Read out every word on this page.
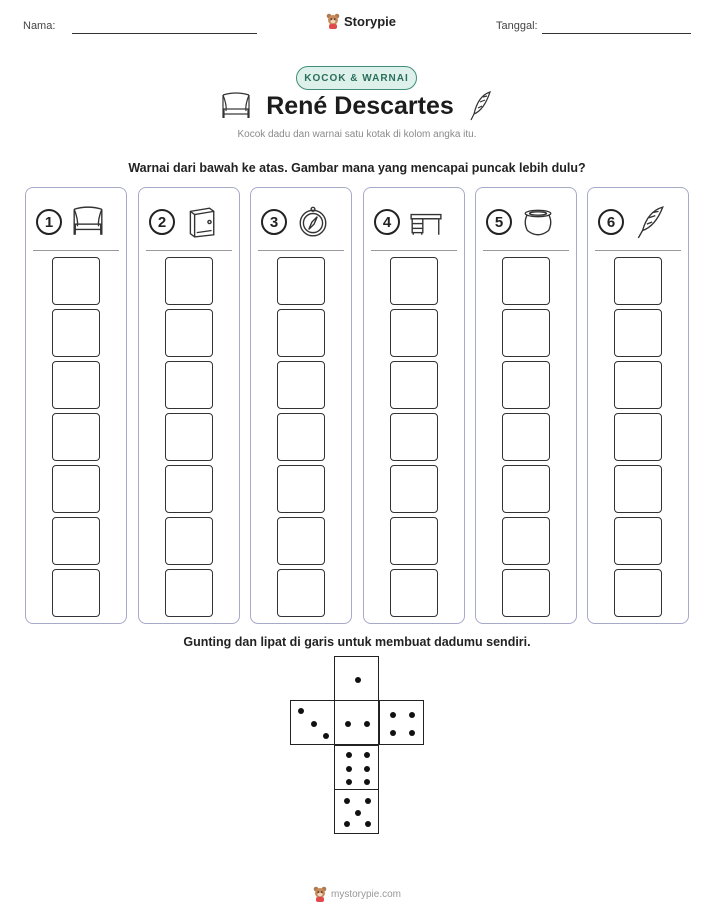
Nama:	Storypie	Tanggal:
KOCOK & WARNAI
René Descartes
Kocok dadu dan warnai satu kotak di kolom angka itu.
Warnai dari bawah ke atas. Gambar mana yang mencapai puncak lebih dulu?
1	2	3	4	5	6
Gunting dan lipat di garis untuk membuat dadumu sendiri.
mystorypie.com
